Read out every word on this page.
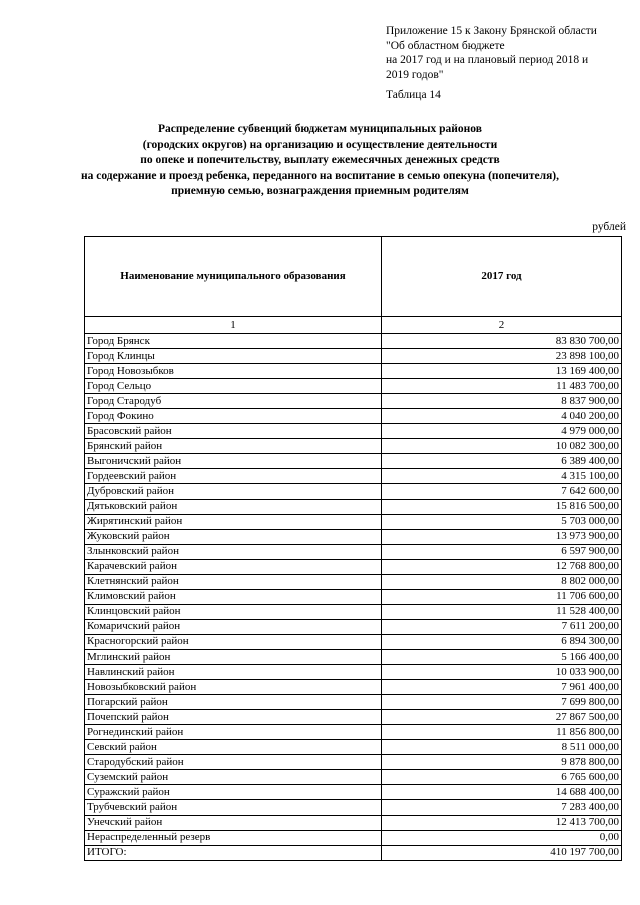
Приложение 15 к Закону Брянской области
"Об областном бюджете
на 2017 год и на плановый период 2018 и
2019 годов"
Таблица 14
Распределение субвенций бюджетам муниципальных районов
(городских округов) на организацию и осуществление деятельности
по опеке и попечительству, выплату ежемесячных денежных средств
на содержание и проезд ребенка, переданного на воспитание в семью опекуна (попечителя),
приемную семью, вознаграждения приемным родителям
рублей
Наименование муниципального образования	2017 год
1	2
Город Брянск	83 830 700,00
Город Клинцы	23 898 100,00
Город Новозыбков	13 169 400,00
Город Сельцо	11 483 700,00
Город Стародуб	8 837 900,00
Город Фокино	4 040 200,00
Брасовский район	4 979 000,00
Брянский район	10 082 300,00
Выгоничский район	6 389 400,00
Гордеевский район	4 315 100,00
Дубровский район	7 642 600,00
Дятьковский район	15 816 500,00
Жирятинский район	5 703 000,00
Жуковский район	13 973 900,00
Злынковский район	6 597 900,00
Карачевский район	12 768 800,00
Клетнянский район	8 802 000,00
Климовский район	11 706 600,00
Клинцовский район	11 528 400,00
Комаричский район	7 611 200,00
Красногорский район	6 894 300,00
Мглинский район	5 166 400,00
Навлинский район	10 033 900,00
Новозыбковский район	7 961 400,00
Погарский район	7 699 800,00
Почепский район	27 867 500,00
Рогнединский район	11 856 800,00
Севский район	8 511 000,00
Стародубский район	9 878 800,00
Суземский район	6 765 600,00
Суражский район	14 688 400,00
Трубчевский район	7 283 400,00
Унечский район	12 413 700,00
Нераспределенный резерв	0,00
ИТОГО:	410 197 700,00
